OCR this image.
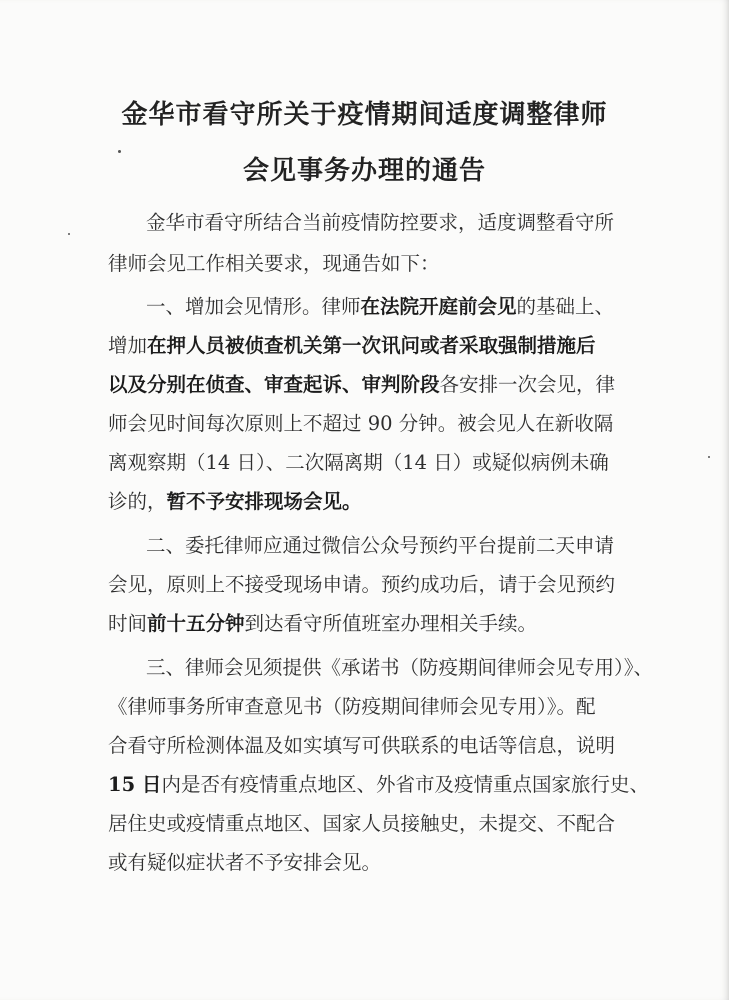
金华市看守所关于疫情期间适度调整律师
会见事务办理的通告
金华市看守所结合当前疫情防控要求，适度调整看守所
律师会见工作相关要求，现通告如下：
一、增加会见情形。律师在法院开庭前会见的基础上、
增加在押人员被侦查机关第一次讯问或者采取强制措施后
以及分别在侦查、审查起诉、审判阶段各安排一次会见，律
师会见时间每次原则上不超过 90 分钟。被会见人在新收隔
离观察期（14 日）、二次隔离期（14 日）或疑似病例未确
诊的，暂不予安排现场会见。
二、委托律师应通过微信公众号预约平台提前二天申请
会见，原则上不接受现场申请。预约成功后，请于会见预约
时间前十五分钟到达看守所值班室办理相关手续。
三、律师会见须提供《承诺书（防疫期间律师会见专用）》、
《律师事务所审查意见书（防疫期间律师会见专用）》。配
合看守所检测体温及如实填写可供联系的电话等信息，说明
15 日内是否有疫情重点地区、外省市及疫情重点国家旅行史、
居住史或疫情重点地区、国家人员接触史，未提交、不配合
或有疑似症状者不予安排会见。
